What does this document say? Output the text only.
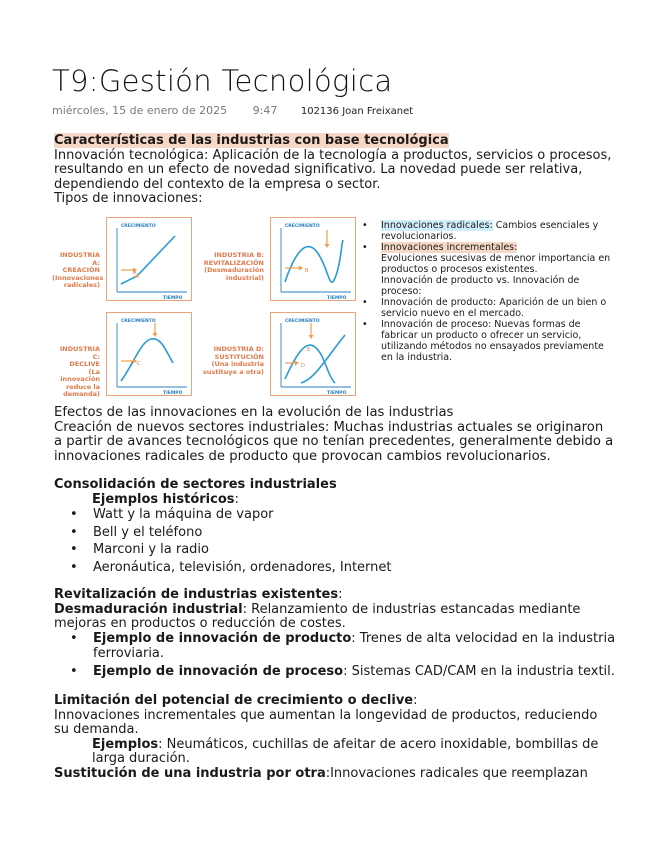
T9:Gestión Tecnológica
miércoles, 15 de enero de 2025 9:47 102136 Joan Freixanet
Características de las industrias con base tecnológica
Innovación tecnológica: Aplicación de la tecnología a productos, servicios o procesos, resultando en un efecto de novedad significativo. La novedad puede ser relativa, dependiendo del contexto de la empresa o sector.
Tipos de innovaciones:
INDUSTRIA A:
CREACIÓN
(Innovaciones
radicales)
INDUSTRIA B:
REVITALIZACIÓN
(Desmaduración
industrial)
INDUSTRIA C:
DECLIVE
(La innovación
reduce la demanda)
INDUSTRIA D:
SUSTITUCIÓN
(Una industria
sustituye a otra)
CRECIMIENTO
TIEMPO
A
CRECIMIENTO
TIEMPO
B
CRECIMIENTO
TIEMPO
C
CRECIMIENTO
TIEMPO
E
D
• Innovaciones radicales: Cambios esenciales y revolucionarios.
• Innovaciones incrementales:
Evoluciones sucesivas de menor importancia en productos o procesos existentes.
Innovación de producto vs. Innovación de proceso:
• Innovación de producto: Aparición de un bien o servicio nuevo en el mercado.
• Innovación de proceso: Nuevas formas de fabricar un producto o ofrecer un servicio, utilizando métodos no ensayados previamente en la industria.
Efectos de las innovaciones en la evolución de las industrias
Creación de nuevos sectores industriales: Muchas industrias actuales se originaron a partir de avances tecnológicos que no tenían precedentes, generalmente debido a innovaciones radicales de producto que provocan cambios revolucionarios.
Consolidación de sectores industriales
Ejemplos históricos:
• Watt y la máquina de vapor
• Bell y el teléfono
• Marconi y la radio
• Aeronáutica, televisión, ordenadores, Internet
Revitalización de industrias existentes:
Desmaduración industrial: Relanzamiento de industrias estancadas mediante mejoras en productos o reducción de costes.
• Ejemplo de innovación de producto: Trenes de alta velocidad en la industria ferroviaria.
• Ejemplo de innovación de proceso: Sistemas CAD/CAM en la industria textil.
Limitación del potencial de crecimiento o declive:
Innovaciones incrementales que aumentan la longevidad de productos, reduciendo su demanda.
Ejemplos: Neumáticos, cuchillas de afeitar de acero inoxidable, bombillas de larga duración.
Sustitución de una industria por otra:Innovaciones radicales que reemplazan
